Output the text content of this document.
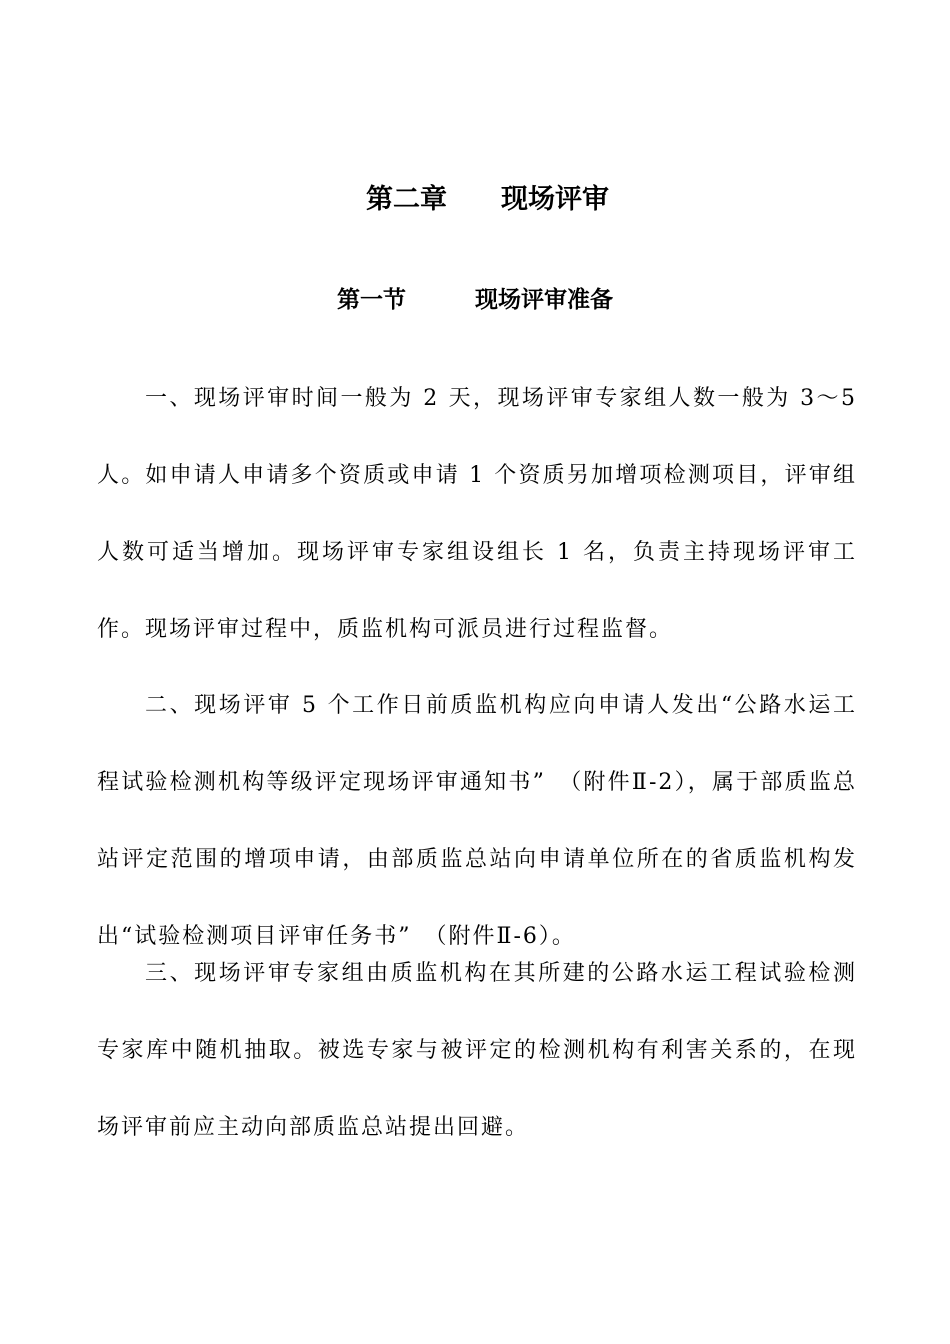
第二章　　现场评审
第一节　　　现场评审准备

一、现场评审时间一般为 2 天，现场评审专家组人数一般为 3～5 人。如申请人申请多个资质或申请 1 个资质另加增项检测项目，评审组人数可适当增加。现场评审专家组设组长 1 名，负责主持现场评审工作。现场评审过程中，质监机构可派员进行过程监督。

二、现场评审 5 个工作日前质监机构应向申请人发出“公路水运工程试验检测机构等级评定现场评审通知书”　（附件Ⅱ-2），属于部质监总站评定范围的增项申请，由部质监总站向申请单位所在的省质监机构发出“试验检测项目评审任务书”　（附件Ⅱ-6）。

三、现场评审专家组由质监机构在其所建的公路水运工程试验检测专家库中随机抽取。被选专家与被评定的检测机构有利害关系的，在现场评审前应主动向部质监总站提出回避。
